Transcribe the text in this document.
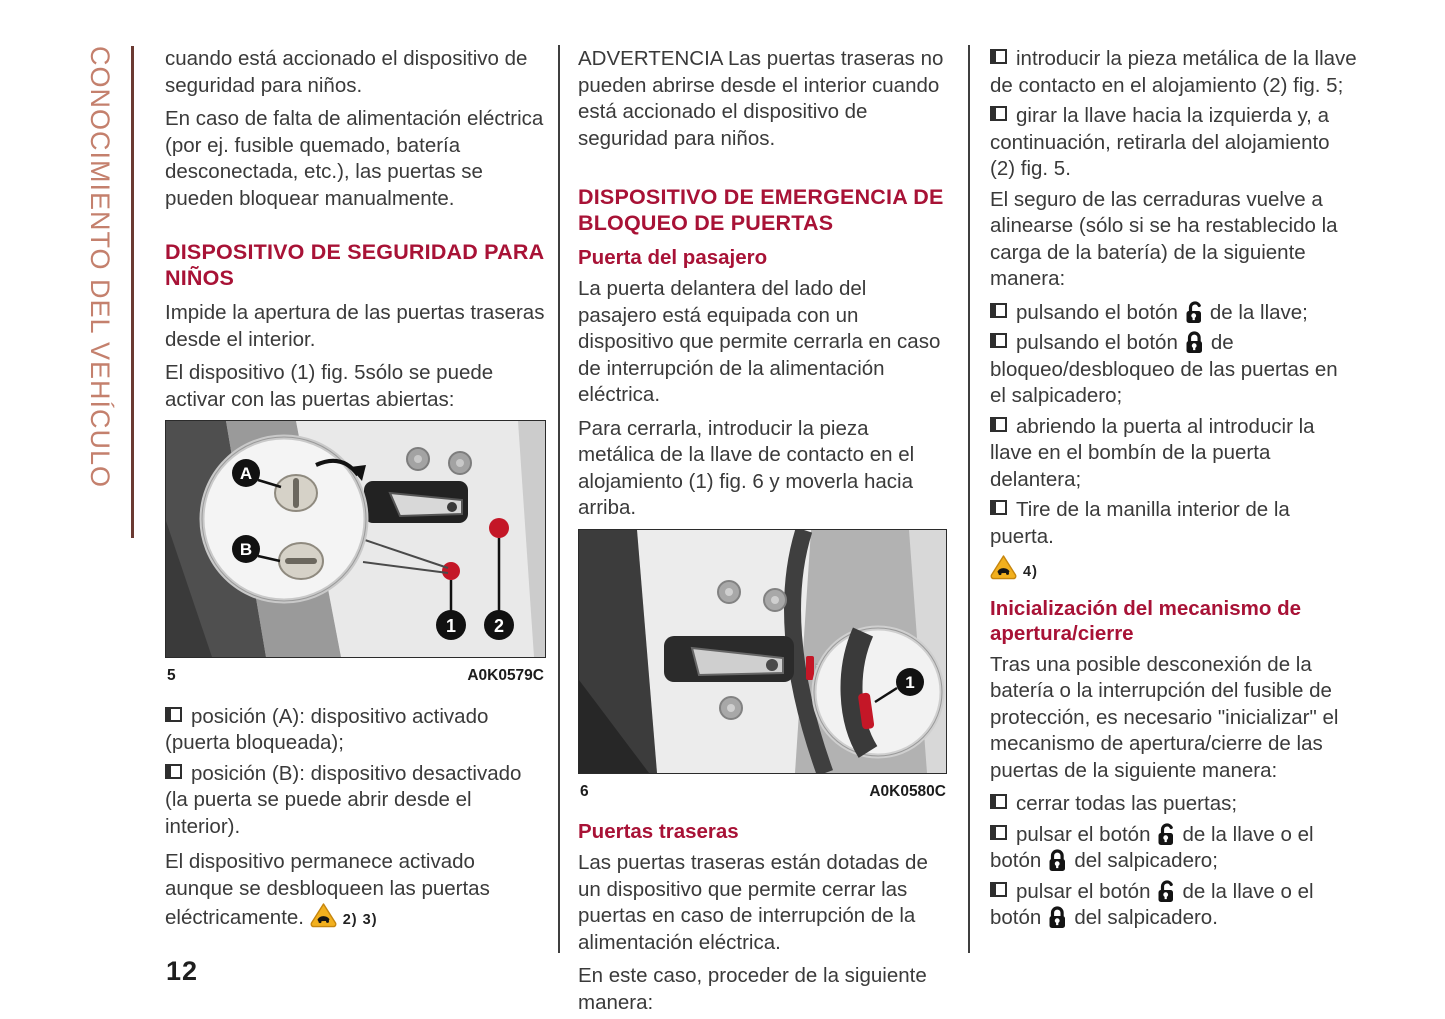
CONOCIMIENTO DEL VEHÍCULO cuando está accionado el dispositivo de seguridad para niños.

En caso de falta de alimentación eléctrica (por ej. fusible quemado, batería desconectada, etc.), las puertas se pueden bloquear manualmente.

DISPOSITIVO DE SEGURIDAD PARA NIÑOS

Impide la apertura de las puertas traseras desde el interior.

El dispositivo (1) fig. 5sólo se puede activar con las puertas abiertas:

A
B
1 2
5	A0K0579C

posición (A): dispositivo activado (puerta bloqueada);

posición (B): dispositivo desactivado (la puerta se puede abrir desde el interior).

El dispositivo permanece activado aunque se desbloqueen las puertas eléctricamente.	2) 3)

ADVERTENCIA Las puertas traseras no pueden abrirse desde el interior cuando está accionado el dispositivo de seguridad para niños.

DISPOSITIVO DE EMERGENCIA DE BLOQUEO DE PUERTAS
Puerta del pasajero

La puerta delantera del lado del pasajero está equipada con un dispositivo que permite cerrarla en caso de interrupción de la alimentación eléctrica.

Para cerrarla, introducir la pieza metálica de la llave de contacto en el alojamiento (1) fig. 6 y moverla hacia arriba.

1
6	A0K0580C
Puertas traseras

Las puertas traseras están dotadas de un dispositivo que permite cerrar las puertas en caso de interrupción de la alimentación eléctrica.

En este caso, proceder de la siguiente manera:

introducir la pieza metálica de la llave de contacto en el alojamiento (2) fig. 5;

girar la llave hacia la izquierda y, a continuación, retirarla del alojamiento (2) fig. 5.

El seguro de las cerraduras vuelve a alinearse (sólo si se ha restablecido la carga de la batería) de la siguiente manera:

pulsando el botón de la llave;

pulsando el botón de bloqueo/desbloqueo de las puertas en el salpicadero;

abriendo la puerta al introducir la llave en el bombín de la puerta delantera;

Tire de la manilla interior de la puerta.

4)

Inicialización del mecanismo de apertura/cierre

Tras una posible desconexión de la batería o la interrupción del fusible de protección, es necesario "inicializar" el mecanismo de apertura/cierre de las puertas de la siguiente manera:

cerrar todas las puertas;

pulsar el botón de la llave o el botón del salpicadero;

pulsar el botón de la llave o el botón del salpicadero.

12
